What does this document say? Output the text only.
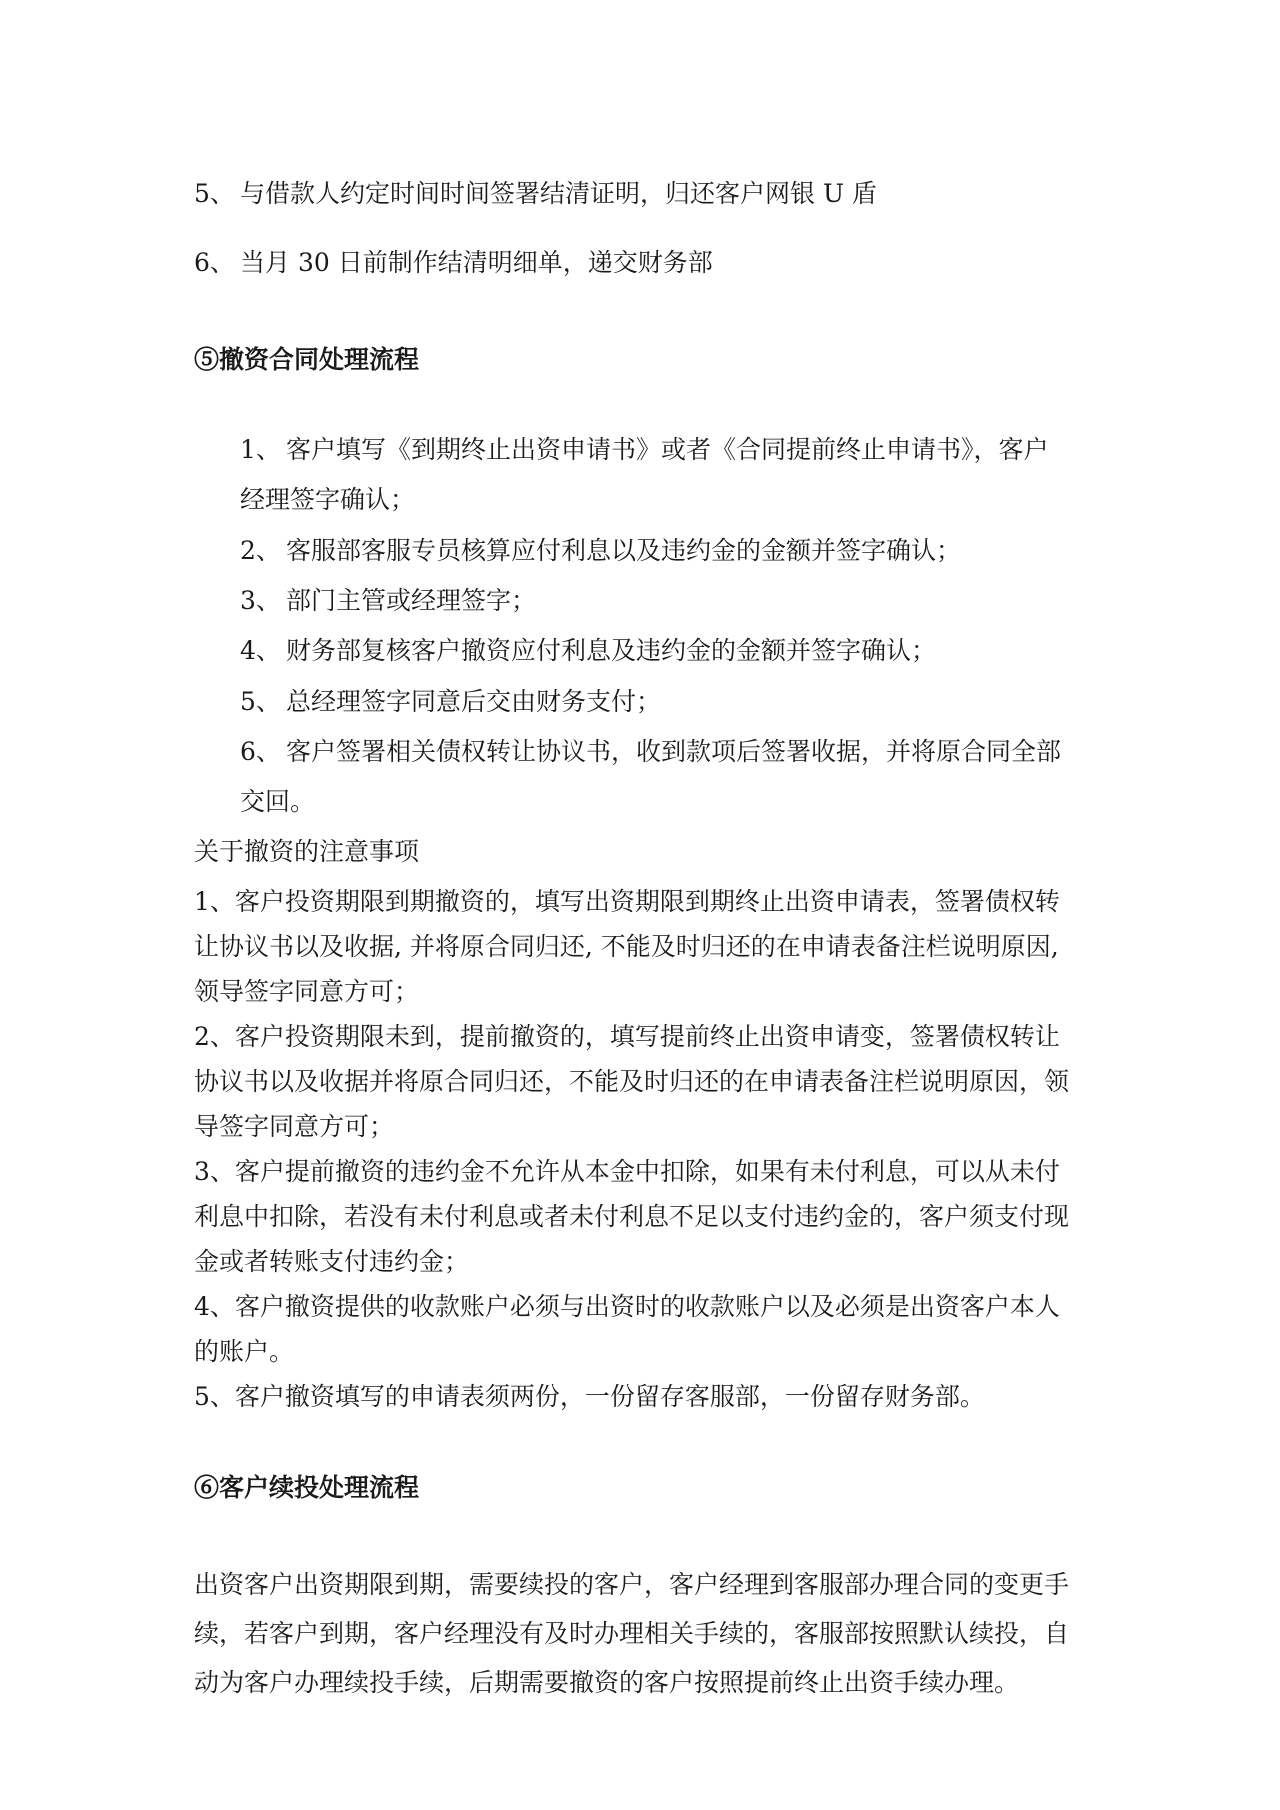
5、 与借款人约定时间时间签署结清证明，归还客户网银 U 盾

6、 当月 30 日前制作结清明细单，递交财务部

⑤撤资合同处理流程

1、 客户填写《到期终止出资申请书》或者《合同提前终止申请书》，客户

经理签字确认；

2、 客服部客服专员核算应付利息以及违约金的金额并签字确认；

3、 部门主管或经理签字；

4、 财务部复核客户撤资应付利息及违约金的金额并签字确认；

5、 总经理签字同意后交由财务支付；

6、 客户签署相关债权转让协议书，收到款项后签署收据，并将原合同全部

交回。

关于撤资的注意事项

1、客户投资期限到期撤资的，填写出资期限到期终止出资申请表，签署债权转

让协议书以及收据, 并将原合同归还, 不能及时归还的在申请表备注栏说明原因,

领导签字同意方可；

2、客户投资期限未到，提前撤资的，填写提前终止出资申请变，签署债权转让

协议书以及收据并将原合同归还，不能及时归还的在申请表备注栏说明原因，领

导签字同意方可；

3、客户提前撤资的违约金不允许从本金中扣除，如果有未付利息，可以从未付

利息中扣除，若没有未付利息或者未付利息不足以支付违约金的，客户须支付现

金或者转账支付违约金；

4、客户撤资提供的收款账户必须与出资时的收款账户以及必须是出资客户本人

的账户。

5、客户撤资填写的申请表须两份，一份留存客服部，一份留存财务部。

⑥客户续投处理流程

出资客户出资期限到期，需要续投的客户，客户经理到客服部办理合同的变更手

续，若客户到期，客户经理没有及时办理相关手续的，客服部按照默认续投，自

动为客户办理续投手续，后期需要撤资的客户按照提前终止出资手续办理。
